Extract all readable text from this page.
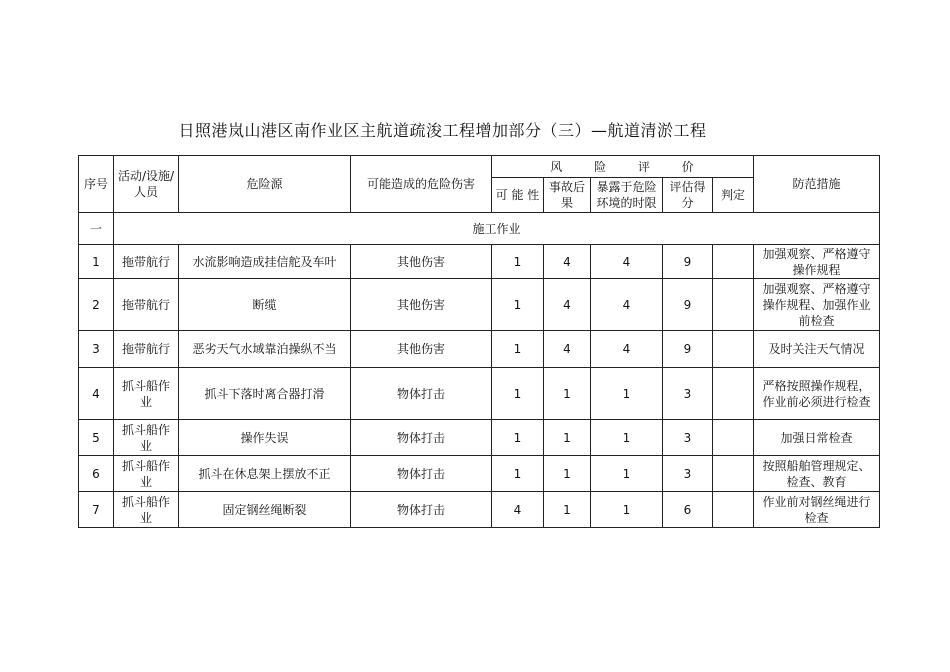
日照港岚山港区南作业区主航道疏浚工程增加部分（三）—航道清淤工程
序号	活动/设施/人员	危险源	可能造成的危险伤害	风 险 评 价					防范措施
				可 能 性	事故后果	暴露于危险环境的时限	评估得分	判定	
一	施工作业								
1	拖带航行	水流影响造成挂信舵及车叶	其他伤害	1	4	4	9		加强观察、严格遵守操作规程
2	拖带航行	断缆	其他伤害	1	4	4	9		加强观察、严格遵守操作规程、加强作业前检查
3	拖带航行	恶劣天气水域靠泊操纵不当	其他伤害	1	4	4	9		及时关注天气情况
4	抓斗船作业	抓斗下落时离合器打滑	物体打击	1	1	1	3		严格按照操作规程，作业前必须进行检查
5	抓斗船作业	操作失误	物体打击	1	1	1	3		加强日常检查
6	抓斗船作业	抓斗在休息架上摆放不正	物体打击	1	1	1	3		按照船舶管理规定、检查、教育
7	抓斗船作业	固定钢丝绳断裂	物体打击	4	1	1	6		作业前对钢丝绳进行检查
